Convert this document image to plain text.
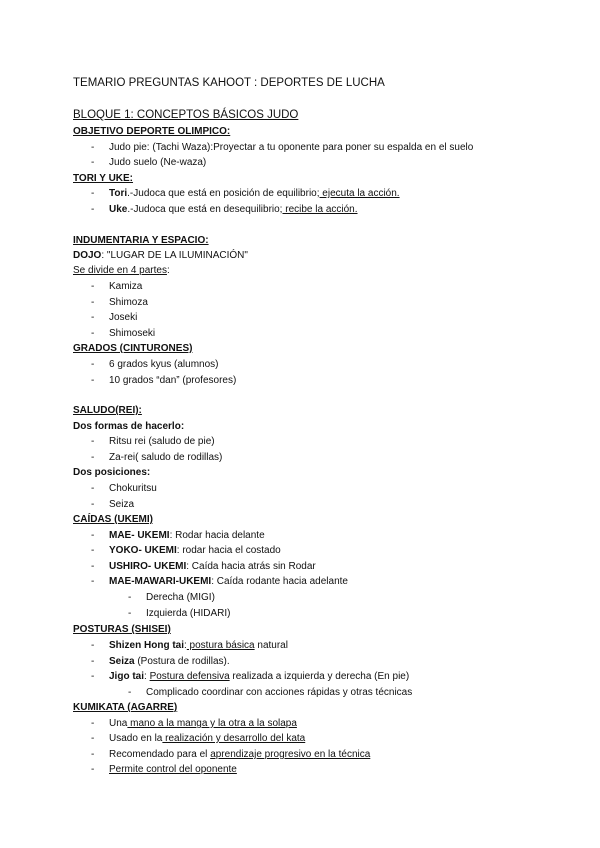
TEMARIO PREGUNTAS KAHOOT : DEPORTES DE LUCHA
BLOQUE 1: CONCEPTOS BÁSICOS JUDO
OBJETIVO DEPORTE OLIMPICO:
- Judo pie: (Tachi Waza):Proyectar a tu oponente para poner su espalda en el suelo
- Judo suelo (Ne-waza)
TORI Y UKE:
- Tori.-Judoca que está en posición de equilibrio; ejecuta la acción.
- Uke.-Judoca que está en desequilibrio; recibe la acción.
INDUMENTARIA Y ESPACIO:
DOJO: "LUGAR DE LA ILUMINACIÓN"
Se divide en 4 partes:
- Kamiza
- Shimoza
- Joseki
- Shimoseki
GRADOS (CINTURONES)
- 6 grados kyus (alumnos)
- 10 grados “dan” (profesores)
SALUDO(REI):
Dos formas de hacerlo:
- Ritsu rei (saludo de pie)
- Za-rei( saludo de rodillas)
Dos posiciones:
- Chokuritsu
- Seiza
CAÍDAS (UKEMI)
- MAE- UKEMI: Rodar hacia delante
- YOKO- UKEMI: rodar hacia el costado
- USHIRO- UKEMI: Caída hacia atrás sin Rodar
- MAE-MAWARI-UKEMI: Caída rodante hacia adelante
- Derecha (MIGI)
- Izquierda (HIDARI)
POSTURAS (SHISEI)
- Shizen Hong tai: postura básica natural
- Seiza (Postura de rodillas).
- Jigo tai: Postura defensiva realizada a izquierda y derecha (En pie)
- Complicado coordinar con acciones rápidas y otras técnicas
KUMIKATA (AGARRE)
- Una mano a la manga y la otra a la solapa
- Usado en la realización y desarrollo del kata
- Recomendado para el aprendizaje progresivo en la técnica
- Permite control del oponente
